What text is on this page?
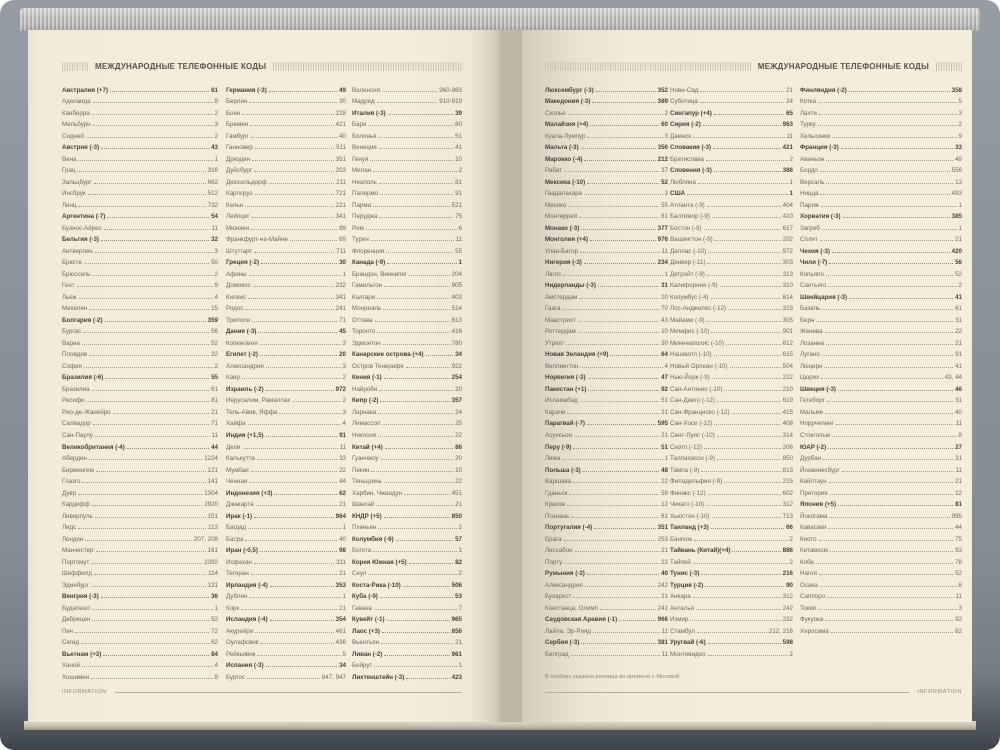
МЕЖДУНАРОДНЫЕ ТЕЛЕФОННЫЕ КОДЫ
Австралия (+7)	61
Аделаида	8
Канберра	2
Мельбурн	3
Сидней	2
Австрия (-3)	43
Вена	1
Грац	316
Зальцбург	662
Инсбрук	512
Линц	732
Аргентина (-7)	54
Буэнос-Айрес	11
Бельгия (-3)	32
Антверпен	3
Брюгге	50
Брюссель	2
Гент	9
Льеж	4
Мехелен	15
Болгария (-2)	359
Бургас	56
Варна	52
Пловдив	32
София	2
Бразилия (-6)	55
Бразилиа	61
Ресифи	81
Рио-де-Жанейро	21
Салвадор	71
Сан-Паулу	11
Великобритания (-4)	44
Абердин	1224
Бирмингем	121
Глазго	141
Дувр	1304
Кардифф	2920
Ливерпуль	151
Лидс	113
Лондон	207, 208
Манчестер	161
Портсмут	2392
Шеффилд	114
Эдинбург	131
Венгрия (-3)	36
Будапешт	1
Дебрецен	52
Печ	72
Сегед	62
Вьетнам (+3)	84
Ханой	4
Хошимин	8
Германия (-3)	49
Берлин	30
Бонн	228
Бремен	421
Гамбург	40
Ганновер	511
Дрезден	351
Дуйсбург	203
Дюссельдорф	211
Карлсруэ	721
Кельн	221
Лейпциг	341
Мюнхен	89
Франкфурт-на-Майне	69
Штутгарт	711
Греция (-2)	30
Афины	1
Домокос	232
Килкис	341
Родос	241
Триполи	71
Дания (-3)	45
Копенгаген	3
Египет (-2)	20
Александрия	3
Каир	2
Израиль (-2)	972
Иерусалим, Рамаллах	2
Тель-Авив, Яффа	3
Хайфа	4
Индия (+1,5)	91
Дели	11
Калькутта	33
Мумбаи	22
Ченнаи	44
Индонезия (+3)	62
Джакарта	21
Ирак (-1)	964
Багдад	1
Басра	40
Иран (-0,5)	98
Исфахан	311
Тегеран	21
Ирландия (-4)	353
Дублин	1
Корк	21
Исландия (-4)	354
Акурейри	461
Оулафсвик	436
Рейкьявик	5
Испания (-3)	34
Бургос	847, 947
Валенсия	960-963
Мадрид	910-919
Италия (-3)	39
Бари	80
Болонья	51
Венеция	41
Генуя	10
Милан	2
Неаполь	81
Палермо	91
Парма	521
Перуджа	75
Рим	6
Турин	11
Флоренция	55
Канада (-9)	1
Брандон, Виннипег	204
Гамильтон	905
Калгари	403
Монреаль	514
Оттава	613
Торонто	416
Эдмонтон	780
Канарские острова (+4)	34
Остров Тенерифе	922
Кения (-1)	254
Найроби	20
Кипр (-2)	357
Ларнака	24
Лимассол	25
Никосия	22
Китай (+4)	86
Гуанчжоу	20
Пекин	10
Тяньцзинь	22
Харбин, Чжаодун	451
Шанхай	21
КНДР (+5)	850
Пхеньян	2
Колумбия (-9)	57
Богота	1
Корея Южная (+5)	82
Сеул	2
Коста-Рика (-10)	506
Куба (-9)	53
Гавана	7
Кувейт (-1)	965
Лаос (+3)	856
Вьентьян	21
Ливан (-2)	961
Бейрут	1
Лихтенштейн (-3)	423
INFORMATION
МЕЖДУНАРОДНЫЕ ТЕЛЕФОННЫЕ КОДЫ
Люксембург (-3)	352
Македония (-3)	389
Скопье	2
Малайзия (+4)	60
Куала-Лумпур	3
Мальта (-3)	356
Марокко (-4)	212
Рабат	37
Мексика (-10)	52
Гвадалахара	3
Мехико	55
Монтеррей	81
Монако (-3)	377
Монголия (+4)	976
Улан-Батор	11
Нигерия (-3)	234
Лагос	1
Нидерланды (-3)	31
Амстердам	20
Гаага	70
Маастрихт	43
Роттердам	10
Утрехт	30
Новая Зеландия (+9)	64
Веллингтон	4
Норвегия (-3)	47
Пакистан (+1)	92
Исламабад	51
Карачи	21
Парагвай (-7)	595
Асунсьон	21
Перу (-9)	51
Лима	1
Польша (-3)	48
Варшава	22
Гданьск	58
Краков	12
Познань	61
Португалия (-4)	351
Брага	253
Лиссабон	21
Порту	22
Румыния (-2)	40
Александрия	242
Бухарест	21
Констанца, Олимп	241
Саудовская Аравия (-1)	966
Лайла, Эр-Рияд	11
Сербия (-3)	381
Белград	11
Нови-Сад	21
Суботица	24
Сингапур (+4)	65
Сирия (-2)	963
Дамаск	11
Словакия (-3)	421
Братислава	2
Словения (-3)	386
Любляна	1
США	1
Атланта (-9)	404
Балтимор (-9)	410
Бостон (-9)	617
Вашингтон (-9)	202
Даллас (-10)	972
Денвер (-11)	303
Детройт (-9)	313
Калифорния (-9)	310
Колумбус (-4)	614
Лос-Анджелес (-12)	323
Майами (-9)	305
Мемфис (-10)	901
Миннеаполис (-10)	612
Нашвилл (-10)	615
Новый Орлеан (-10)	504
Нью-Йорк (-9)	212
Сан-Антонио (-10)	210
Сан-Диего (-12)	619
Сан-Франциско (-12)	415
Сан-Хосе (-12)	408
Сент-Луис (-10)	314
Сиэтл (-12)	206
Таллахасси (-9)	850
Тампа (-9)	813
Филадельфия (-9)	215
Финикс (-12)	602
Чикаго (-10)	312
Хьюстон (-10)	713
Таиланд (+3)	66
Бангкок	2
Тайвань (Китай)(+4)	886
Тайпей	2
Тунис (-3)	216
Турция (-2)	90
Анкара	312
Анталья	242
Измир	232
Стамбул	212, 216
Уругвай (-6)	598
Монтевидео	2
Финляндия (-2)	358
Котка	5
Лахти	3
Турку	2
Хельсинки	9
Франция (-3)	33
Авиньон	49
Бордо	556
Версаль	13
Ницца	493
Париж	1
Хорватия (-3)	385
Загреб	1
Сплит	21
Чехия (-3)	420
Чили (-7)	56
Копьяпо	52
Сантьяго	2
Швейцария (-3)	41
Базель	61
Берн	31
Женева	22
Лозанна	21
Лугано	91
Люцерн	41
Цюрих	43, 44
Швеция (-3)	46
Гетеборг	31
Мальме	40
Норрчепинг	11
Стокгольм	8
ЮАР (-2)	27
Дурбан	31
Йоханнесбург	11
Кейптаун	21
Претория	12
Япония (+5)	81
Йокогама	995
Кавасаки	44
Киото	75
Китакюсю	93
Кобе	78
Нагоя	52
Осака	6
Саппоро	11
Токио	3
Фукуока	92
Хиросима	82
В скобках указана разница во времени с Москвой.
INFORMATION
